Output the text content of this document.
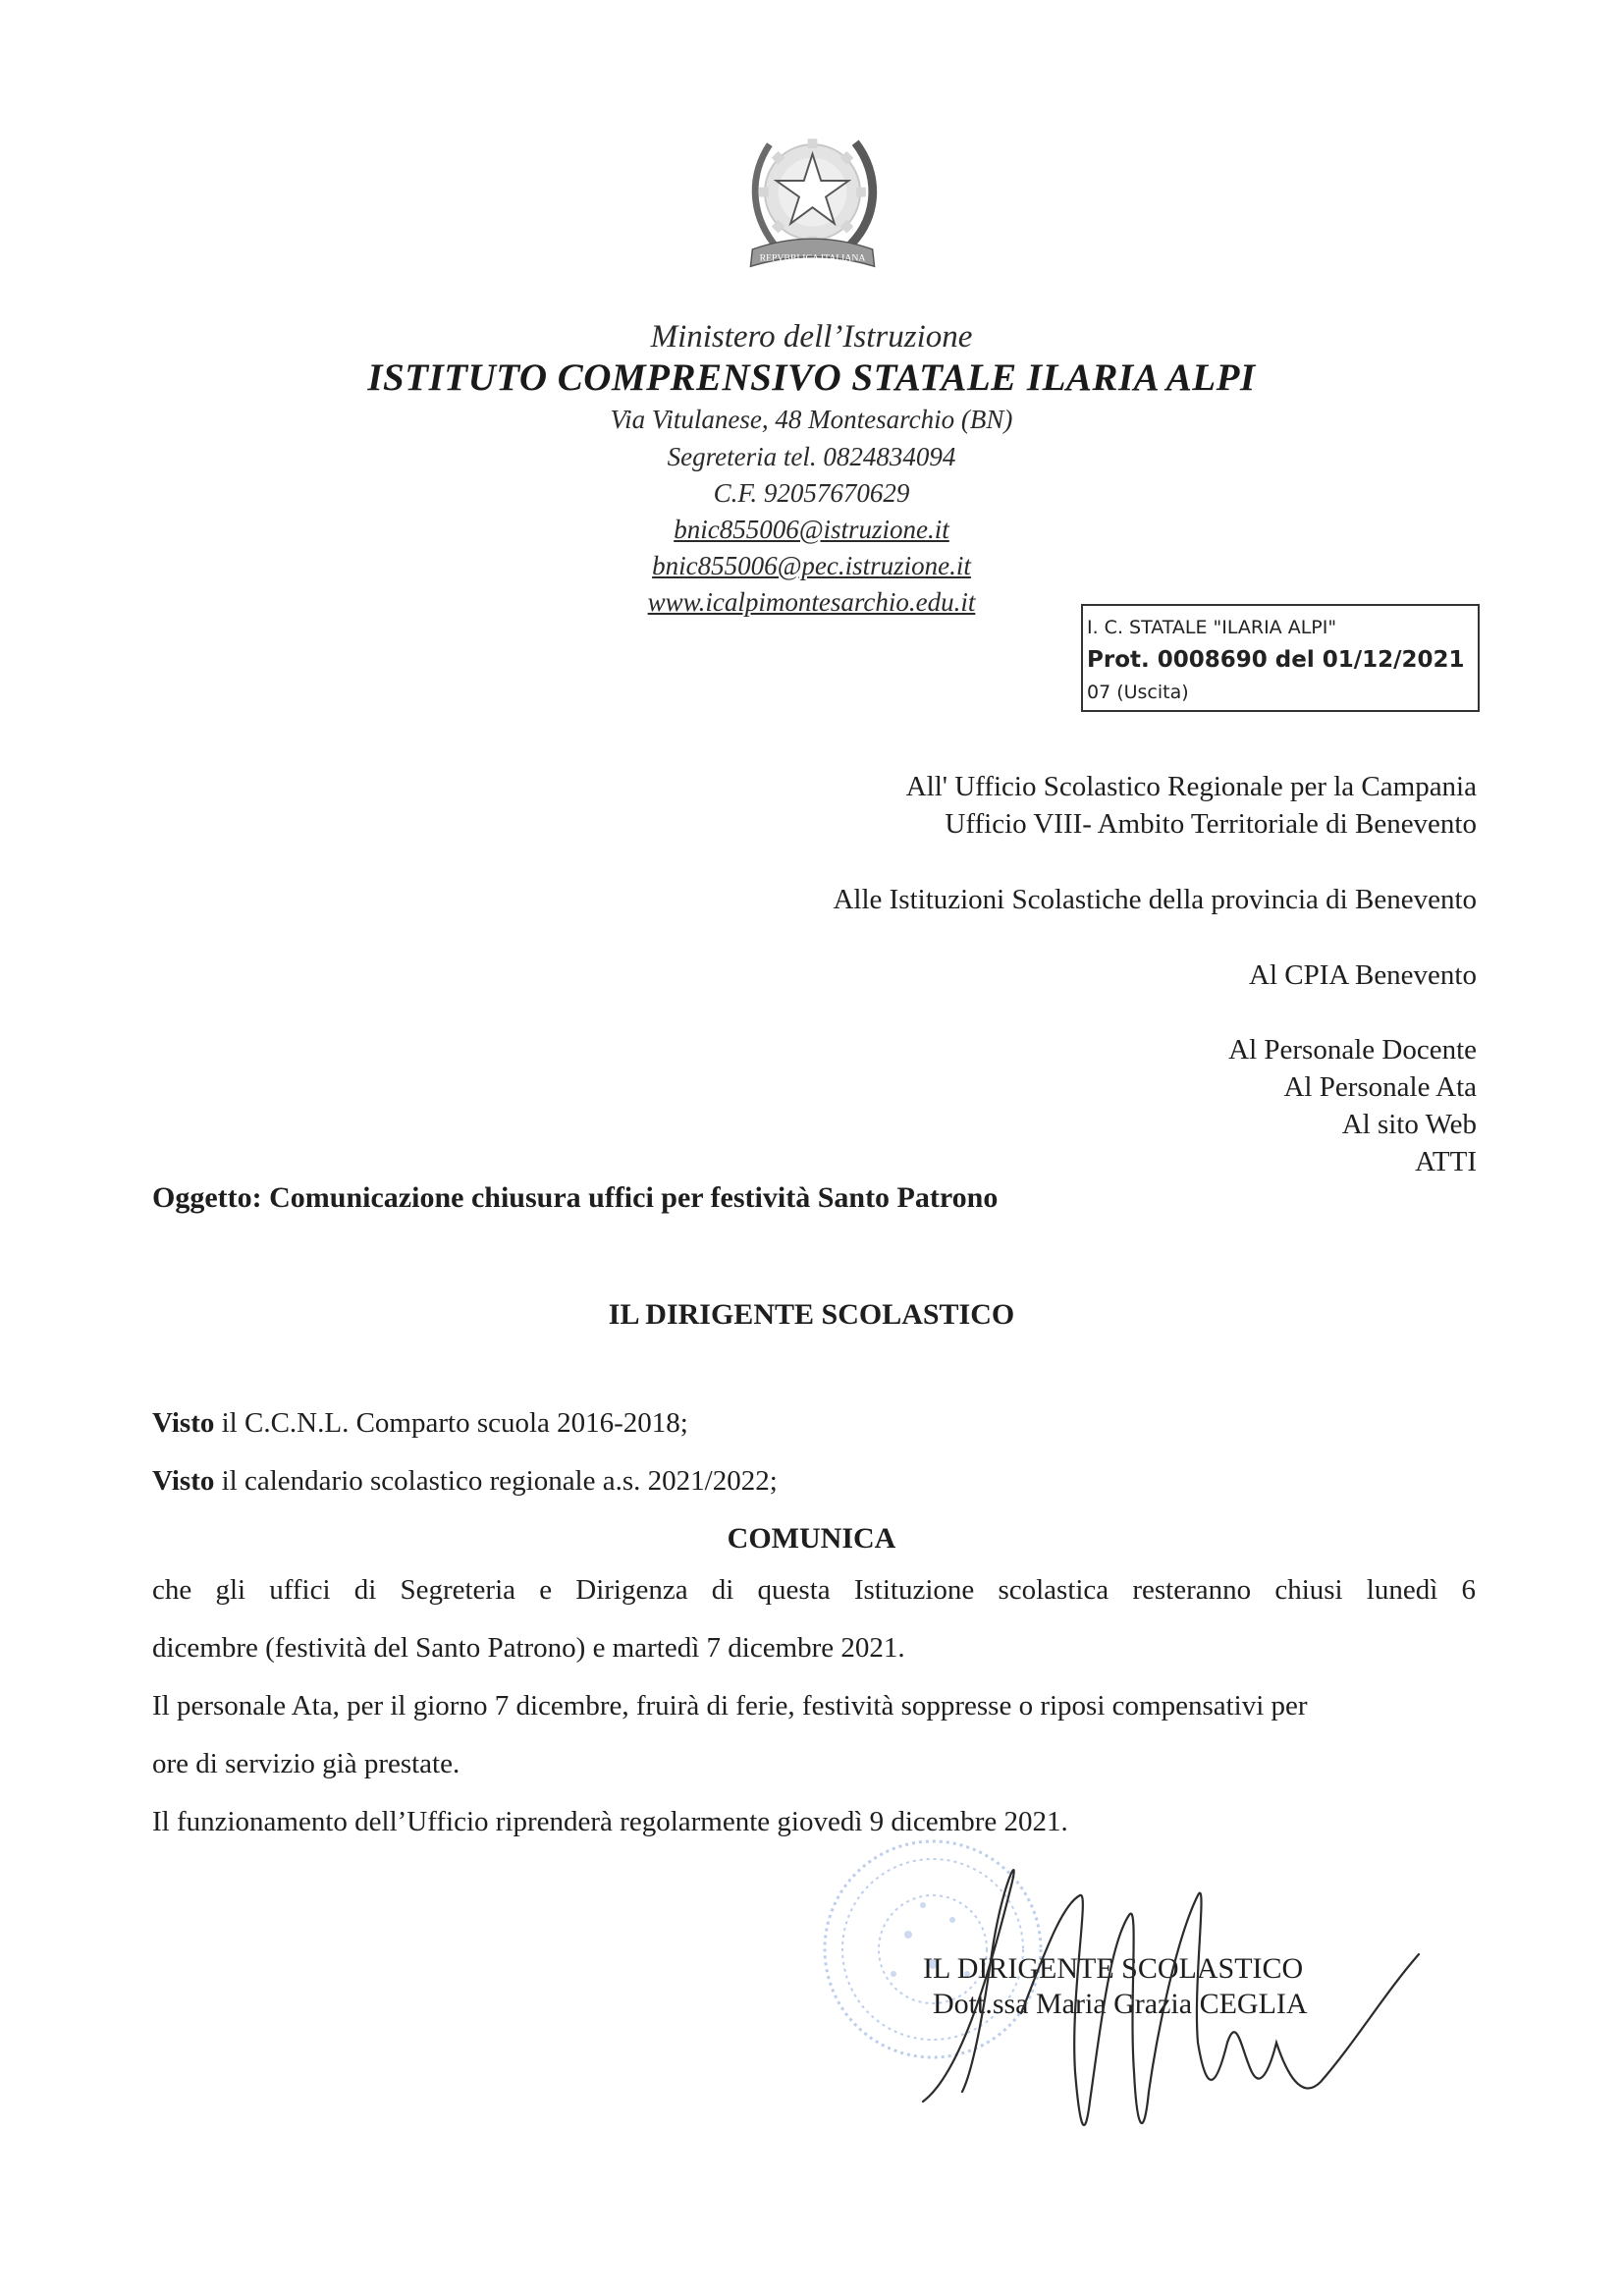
REPVBBLICA ITALIANA
Ministero dell’Istruzione
ISTITUTO COMPRENSIVO STATALE ILARIA ALPI
Via Vitulanese, 48 Montesarchio (BN)
Segreteria tel. 0824834094
C.F. 92057670629
bnic855006@istruzione.it
bnic855006@pec.istruzione.it
www.icalpimontesarchio.edu.it
I. C. STATALE "ILARIA ALPI"
Prot. 0008690 del 01/12/2021
07 (Uscita)
All' Ufficio Scolastico Regionale per la Campania
Ufficio VIII- Ambito Territoriale di Benevento
Alle Istituzioni Scolastiche della provincia di Benevento
Al CPIA Benevento
Al Personale Docente
Al Personale Ata
Al sito Web
ATTI
Oggetto: Comunicazione chiusura uffici per festività Santo Patrono
IL DIRIGENTE SCOLASTICO
Visto il C.C.N.L. Comparto scuola 2016-2018;
Visto il calendario scolastico regionale a.s. 2021/2022;
COMUNICA
che gli uffici di Segreteria e Dirigenza di questa Istituzione scolastica resteranno chiusi lunedì 6
dicembre (festività del Santo Patrono) e martedì 7 dicembre 2021.
Il personale Ata, per il giorno 7 dicembre, fruirà di ferie, festività soppresse o riposi compensativi per
ore di servizio già prestate.
Il funzionamento dell’Ufficio riprenderà regolarmente giovedì 9 dicembre 2021.
IL DIRIGENTE SCOLASTICO
Dott.ssa Maria Grazia CEGLIA
